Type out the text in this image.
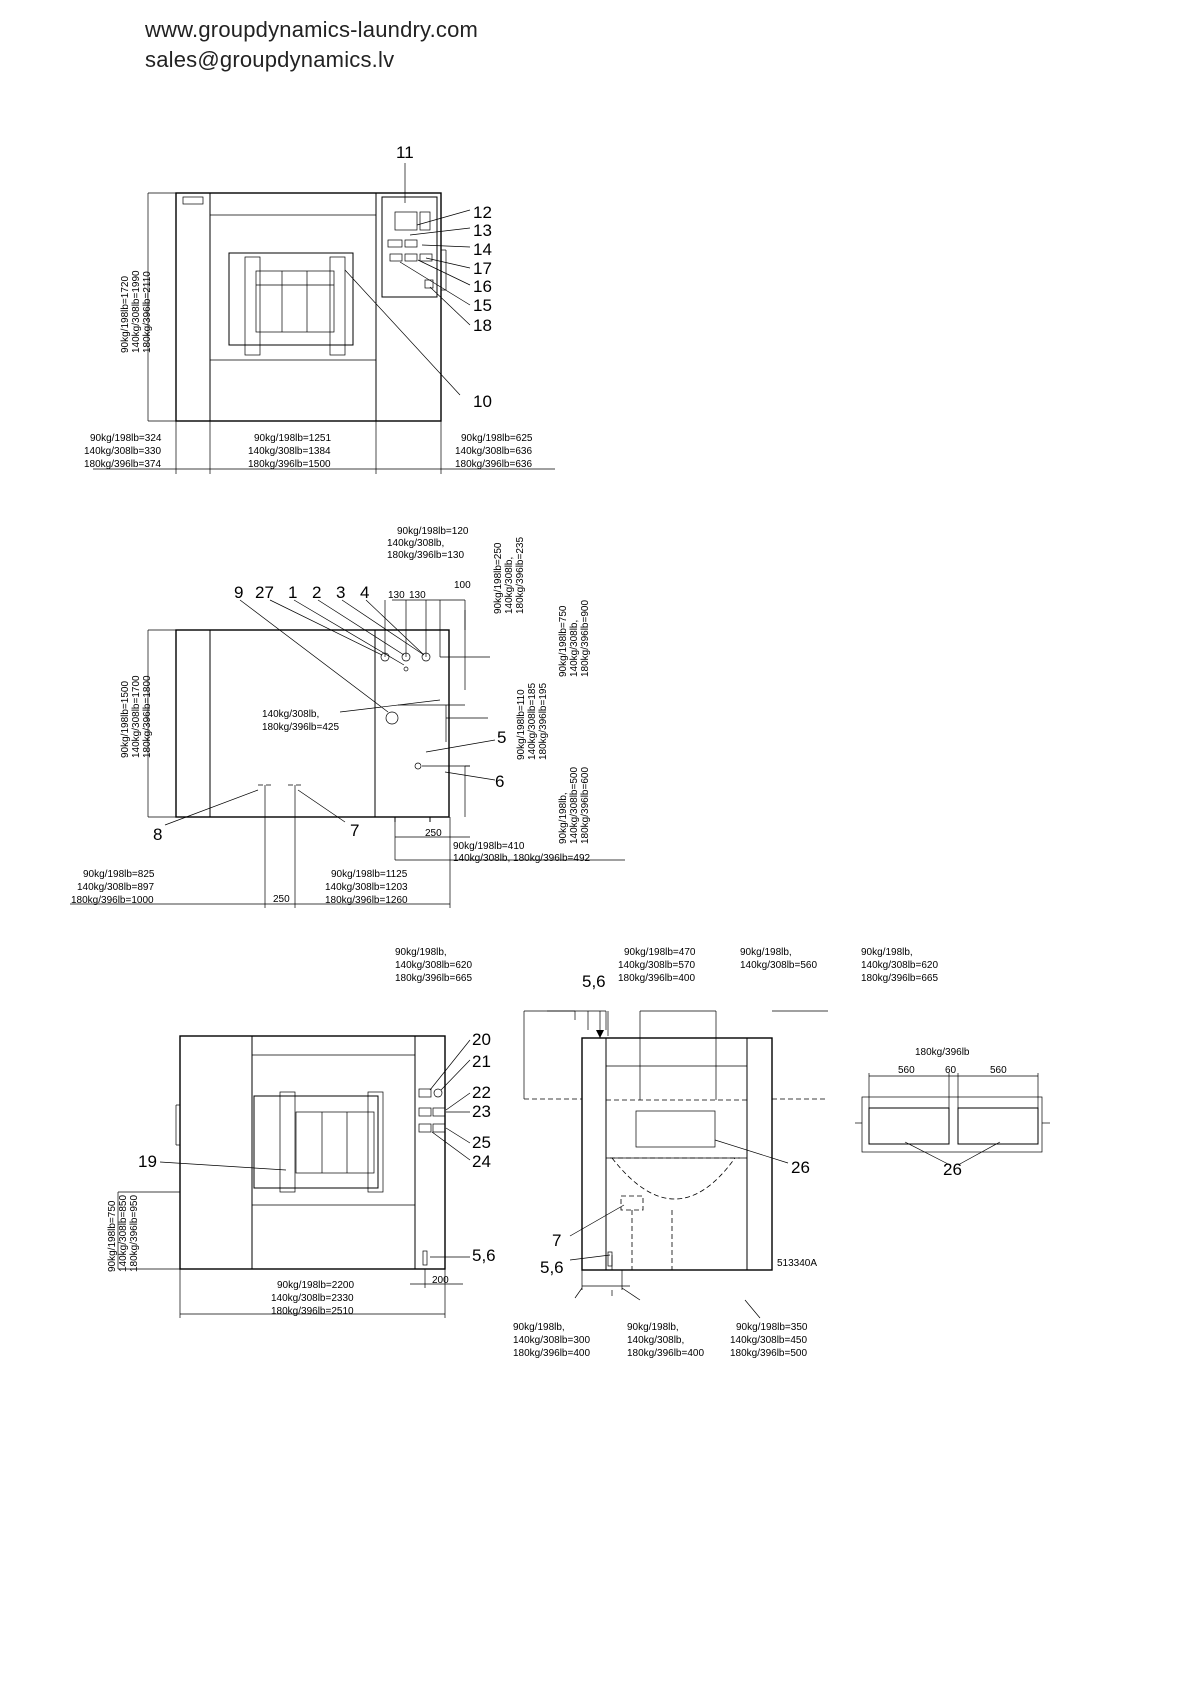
www.groupdynamics-laundry.com
sales@groupdynamics.lv
90kg/198lb=1720 140kg/308lb=1990 180kg/396lb=2110
90kg/198lb=324
140kg/308lb=330
180kg/396lb=374
90kg/198lb=1251
140kg/308lb=1384
180kg/396lb=1500
90kg/198lb=625
140kg/308lb=636
180kg/396lb=636
11
12
13
14
17
16
15
18
10
90kg/198lb=120
140kg/308lb,
180kg/396lb=130
130 130
100 90kg/198lb=250 140kg/308lb, 180kg/396lb=235
90kg/198lb=750 140kg/308lb, 180kg/396lb=900
90kg/198lb=110 140kg/308lb=185 180kg/396lb=195
90kg/198lb, 140kg/308lb=500 180kg/396lb=600
90kg/198lb=1500 140kg/308lb=1700 180kg/396lb=1800	140kg/308lb,
180kg/396lb=425
250
250
90kg/198lb=410
140kg/308lb, 180kg/396lb=492
90kg/198lb=825
140kg/308lb=897
180kg/396lb=1000
90kg/198lb=1125
140kg/308lb=1203
180kg/396lb=1260
9 27 1 2 3 4
5
6
8	7
90kg/198lb=750 140kg/308lb=850 180kg/396lb=950
90kg/198lb=2200
140kg/308lb=2330
180kg/396lb=2510
200
20
21
22
23
25
24
19
5,6
90kg/198lb,
140kg/308lb=620
180kg/396lb=665
90kg/198lb=470
140kg/308lb=570
180kg/396lb=400
90kg/198lb,
140kg/308lb=560
90kg/198lb,
140kg/308lb=620
180kg/396lb=665
90kg/198lb,
140kg/308lb=300
180kg/396lb=400
90kg/198lb,
140kg/308lb,
180kg/396lb=400
90kg/198lb=350
140kg/308lb=450
180kg/396lb=500
5,6
5,6
7
26
513340A
180kg/396lb
560	60	560
26
